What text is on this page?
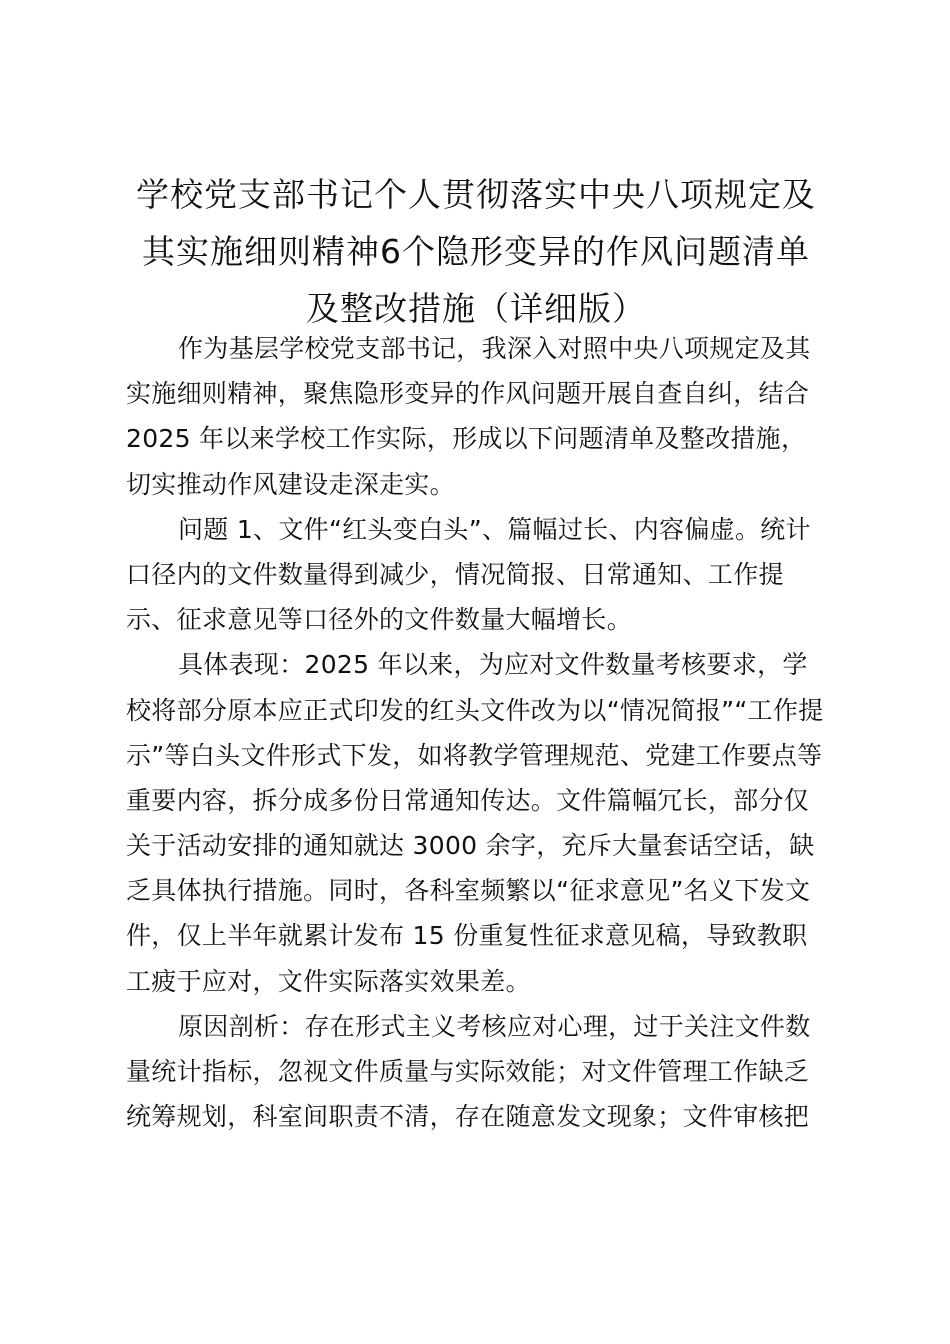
学校党支部书记个人贯彻落实中央八项规定及
其实施细则精神6个隐形变异的作风问题清单
及整改措施（详细版）

作为基层学校党支部书记，我深入对照中央八项规定及其
实施细则精神，聚焦隐形变异的作风问题开展自查自纠，结合
2025 年以来学校工作实际，形成以下问题清单及整改措施，
切实推动作风建设走深走实。

问题 1、文件“红头变白头”、篇幅过长、内容偏虚。统计
口径内的文件数量得到减少，情况简报、日常通知、工作提
示、征求意见等口径外的文件数量大幅增长。

具体表现：2025 年以来，为应对文件数量考核要求，学
校将部分原本应正式印发的红头文件改为以“情况简报”“工作提
示”等白头文件形式下发，如将教学管理规范、党建工作要点等
重要内容，拆分成多份日常通知传达。文件篇幅冗长，部分仅
关于活动安排的通知就达 3000 余字，充斥大量套话空话，缺
乏具体执行措施。同时，各科室频繁以“征求意见”名义下发文
件，仅上半年就累计发布 15 份重复性征求意见稿，导致教职
工疲于应对，文件实际落实效果差。

原因剖析：存在形式主义考核应对心理，过于关注文件数
量统计指标，忽视文件质量与实际效能；对文件管理工作缺乏
统筹规划，科室间职责不清，存在随意发文现象；文件审核把
